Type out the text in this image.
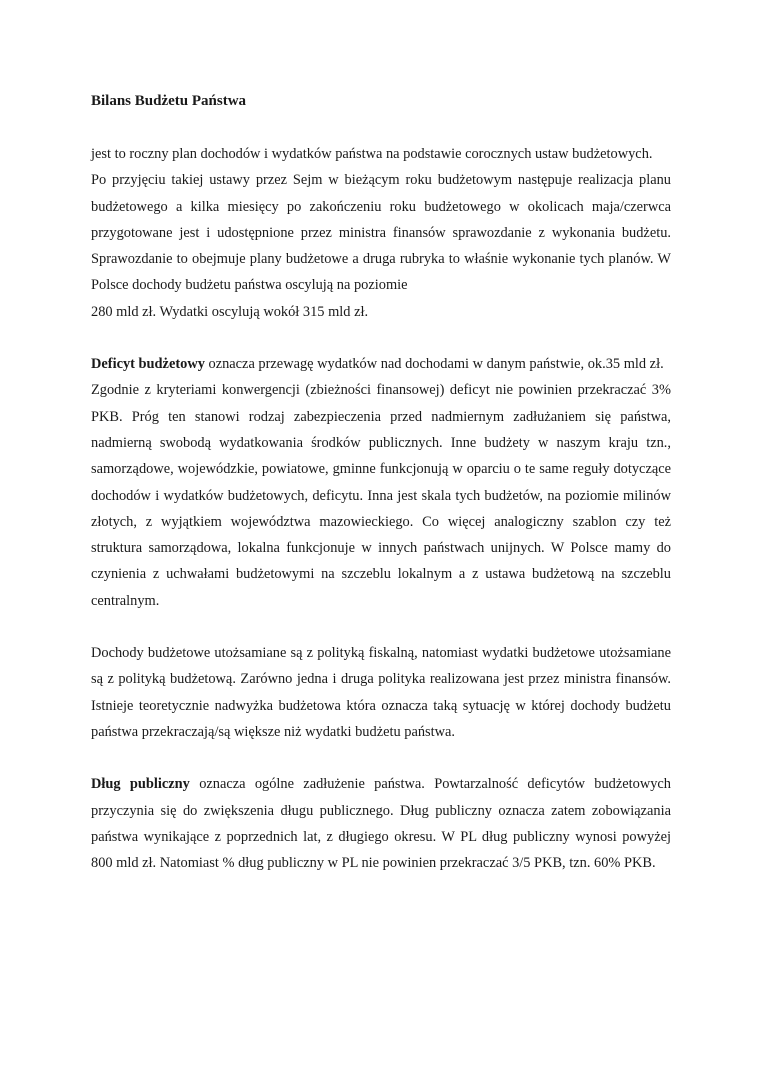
Bilans Budżetu Państwa

jest to roczny plan dochodów i wydatków państwa na podstawie corocznych ustaw budżetowych.

Po przyjęciu takiej ustawy przez Sejm w bieżącym roku budżetowym następuje realizacja planu budżetowego a kilka miesięcy po zakończeniu roku budżetowego w okolicach maja/czerwca przygotowane jest i udostępnione przez ministra finansów sprawozdanie z wykonania budżetu. Sprawozdanie to obejmuje plany budżetowe a druga rubryka to właśnie wykonanie tych planów. W Polsce dochody budżetu państwa oscylują na poziomie

280 mld zł. Wydatki oscylują wokół 315 mld zł.

Deficyt budżetowy oznacza przewagę wydatków nad dochodami w danym państwie, ok.35 mld zł.

Zgodnie z kryteriami konwergencji (zbieżności finansowej) deficyt nie powinien przekraczać 3% PKB. Próg ten stanowi rodzaj zabezpieczenia przed nadmiernym zadłużaniem się państwa, nadmierną swobodą wydatkowania środków publicznych. Inne budżety w naszym kraju tzn., samorządowe, wojewódzkie, powiatowe, gminne funkcjonują w oparciu o te same reguły dotyczące dochodów i wydatków budżetowych, deficytu. Inna jest skala tych budżetów, na poziomie milinów złotych, z wyjątkiem województwa mazowieckiego. Co więcej analogiczny szablon czy też struktura samorządowa, lokalna funkcjonuje w innych państwach unijnych. W Polsce mamy do czynienia z uchwałami budżetowymi na szczeblu lokalnym a z ustawa budżetową na szczeblu centralnym.

Dochody budżetowe utożsamiane są z polityką fiskalną, natomiast wydatki budżetowe utożsamiane są z polityką budżetową. Zarówno jedna i druga polityka realizowana jest przez ministra finansów. Istnieje teoretycznie nadwyżka budżetowa która oznacza taką sytuację w której dochody budżetu państwa przekraczają/są większe niż wydatki budżetu państwa.

Dług publiczny oznacza ogólne zadłużenie państwa. Powtarzalność deficytów budżetowych przyczynia się do zwiększenia długu publicznego. Dług publiczny oznacza zatem zobowiązania państwa wynikające z poprzednich lat, z długiego okresu. W PL dług publiczny wynosi powyżej 800 mld zł. Natomiast % dług publiczny w PL nie powinien przekraczać 3/5 PKB, tzn. 60% PKB.
